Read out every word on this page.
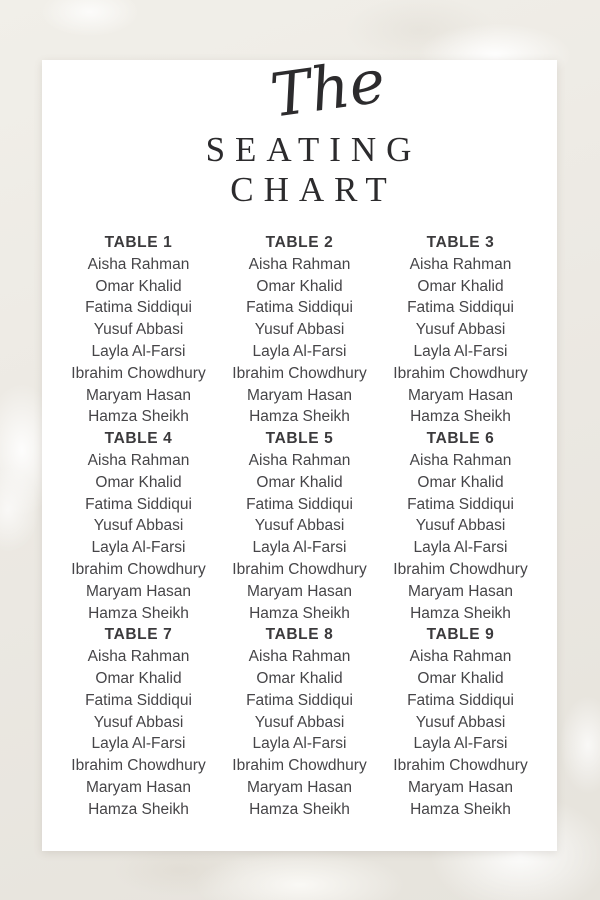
The
SEATING
CHART
TABLE 1

Aisha Rahman

Omar Khalid

Fatima Siddiqui

Yusuf Abbasi

Layla Al-Farsi

Ibrahim Chowdhury

Maryam Hasan

Hamza Sheikh

TABLE 2

Aisha Rahman

Omar Khalid

Fatima Siddiqui

Yusuf Abbasi

Layla Al-Farsi

Ibrahim Chowdhury

Maryam Hasan

Hamza Sheikh

TABLE 3

Aisha Rahman

Omar Khalid

Fatima Siddiqui

Yusuf Abbasi

Layla Al-Farsi

Ibrahim Chowdhury

Maryam Hasan

Hamza Sheikh

TABLE 4

Aisha Rahman

Omar Khalid

Fatima Siddiqui

Yusuf Abbasi

Layla Al-Farsi

Ibrahim Chowdhury

Maryam Hasan

Hamza Sheikh

TABLE 5

Aisha Rahman

Omar Khalid

Fatima Siddiqui

Yusuf Abbasi

Layla Al-Farsi

Ibrahim Chowdhury

Maryam Hasan

Hamza Sheikh

TABLE 6

Aisha Rahman

Omar Khalid

Fatima Siddiqui

Yusuf Abbasi

Layla Al-Farsi

Ibrahim Chowdhury

Maryam Hasan

Hamza Sheikh

TABLE 7

Aisha Rahman

Omar Khalid

Fatima Siddiqui

Yusuf Abbasi

Layla Al-Farsi

Ibrahim Chowdhury

Maryam Hasan

Hamza Sheikh

TABLE 8

Aisha Rahman

Omar Khalid

Fatima Siddiqui

Yusuf Abbasi

Layla Al-Farsi

Ibrahim Chowdhury

Maryam Hasan

Hamza Sheikh

TABLE 9

Aisha Rahman

Omar Khalid

Fatima Siddiqui

Yusuf Abbasi

Layla Al-Farsi

Ibrahim Chowdhury

Maryam Hasan

Hamza Sheikh
